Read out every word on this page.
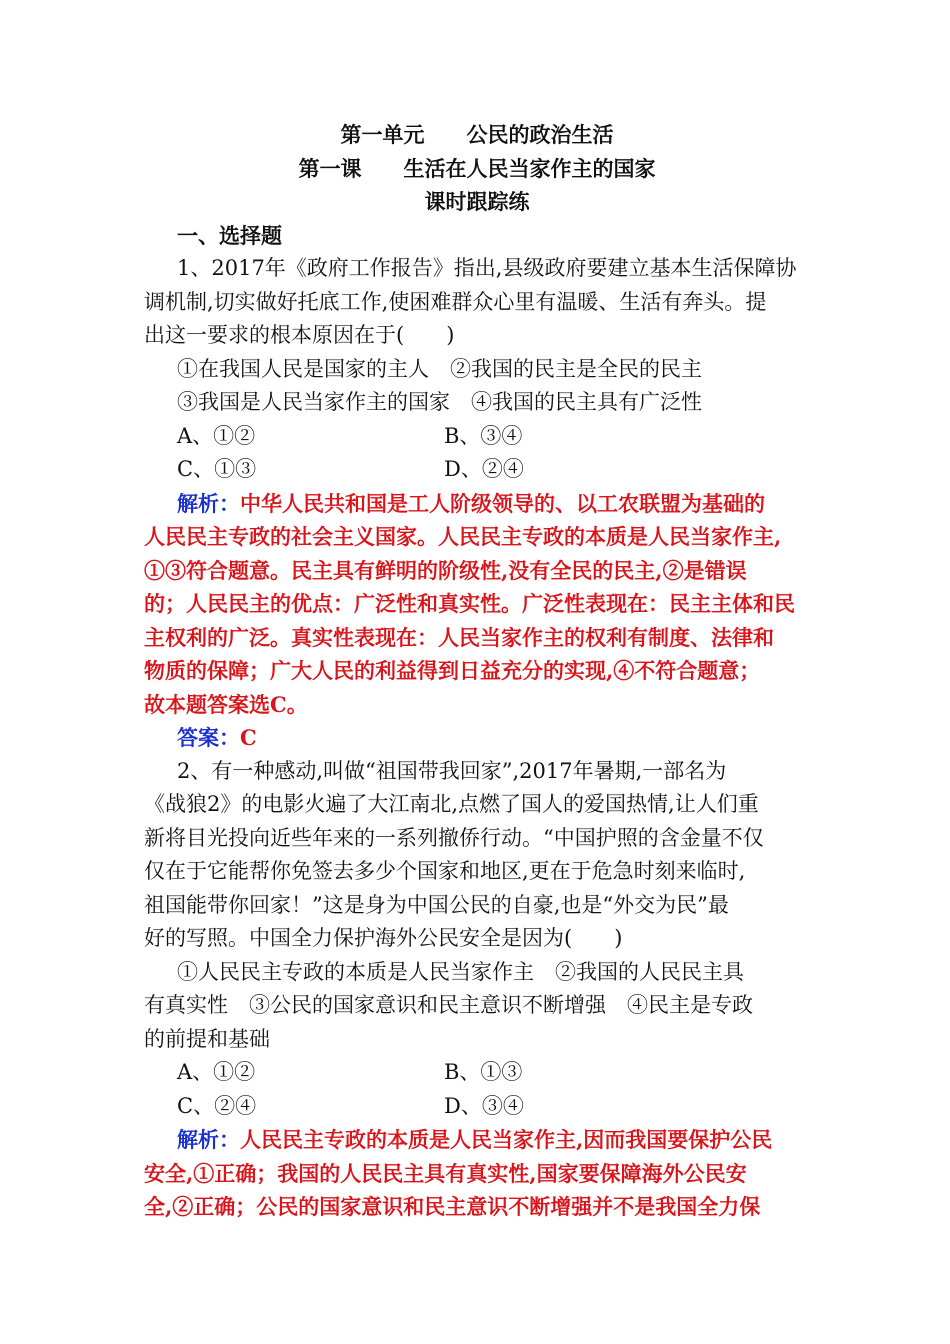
第一单元　　公民的政治生活
第一课　　生活在人民当家作主的国家
课时跟踪练
一、选择题
1、2017年《政府工作报告》指出,县级政府要建立基本生活保障协
调机制,切实做好托底工作,使困难群众心里有温暖、生活有奔头。提
出这一要求的根本原因在于(　　)
①在我国人民是国家的主人　②我国的民主是全民的民主
③我国是人民当家作主的国家　④我国的民主具有广泛性
A、①②	B、③④
C、①③	D、②④
解析：中华人民共和国是工人阶级领导的、以工农联盟为基础的
人民民主专政的社会主义国家。人民民主专政的本质是人民当家作主,
①③符合题意。民主具有鲜明的阶级性,没有全民的民主,②是错误
的；人民民主的优点：广泛性和真实性。广泛性表现在：民主主体和民
主权利的广泛。真实性表现在：人民当家作主的权利有制度、法律和
物质的保障；广大人民的利益得到日益充分的实现,④不符合题意；
故本题答案选C。
答案：C
2、有一种感动,叫做“祖国带我回家”,2017年暑期,一部名为
《战狼2》的电影火遍了大江南北,点燃了国人的爱国热情,让人们重
新将目光投向近些年来的一系列撤侨行动。“中国护照的含金量不仅
仅在于它能帮你免签去多少个国家和地区,更在于危急时刻来临时,
祖国能带你回家！”这是身为中国公民的自豪,也是“外交为民”最
好的写照。中国全力保护海外公民安全是因为(　　)
①人民民主专政的本质是人民当家作主　②我国的人民民主具
有真实性　③公民的国家意识和民主意识不断增强　④民主是专政
的前提和基础
A、①②	B、①③
C、②④	D、③④
解析：人民民主专政的本质是人民当家作主,因而我国要保护公民
安全,①正确；我国的人民民主具有真实性,国家要保障海外公民安
全,②正确；公民的国家意识和民主意识不断增强并不是我国全力保
